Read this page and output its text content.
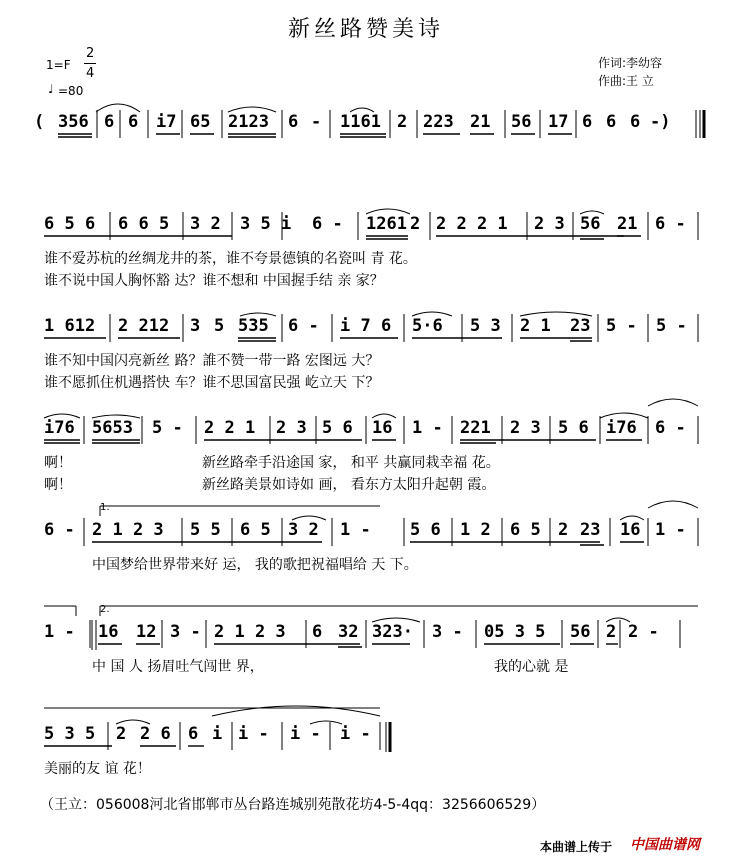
新丝路赞美诗
1=F
2
4
♩ =80
作词:李幼容
作曲:王 立
( 356 6 6 i7 65 2123 6 - 1161 2 223 21 56 17 6 6 6 -)
6 5 6 6 6 5 3 2 3 5 i 6 - 1261 2 2 2 2 1 2 3 56 21 6 -
谁不爱苏杭的丝绸龙井的茶，谁不夸景德镇的名瓷叫 青 花。
谁不说中国人胸怀豁 达？谁不想和 中国握手结 亲 家？
1 612 2 212 3 5 535 6 - i 7 6 5·6 5 3 2 1 23 5 - 5 -
谁不知中国闪亮新丝 路？誰不赞一带一路 宏图远 大？
谁不愿抓住机遇搭快 车？谁不思国富民强 屹立天 下？
i76 5653 5 - 2 2 1 2 3 5 6 16 1 - 221 2 3 5 6 i76 6 -
啊！	新丝路牵手沿途国 家， 和平 共赢同栽幸福 花。
啊！	新丝路美景如诗如 画， 看东方太阳升起朝 霞。
6 - 2 1 2 3 5 5 6 5 3 2 1 - 5 6 1 2 6 5 2 23 16 1 -
中国梦给世界带来好 运， 我的歌把祝福唱给 天 下。
1.
1 - 16 12 3 - 2 1 2 3 6 32 323· 3 - 05 3 5 56 2 2 -
中 国 人 扬眉吐气闯世 界，	我的心就 是
2.
5 3 5 2 2 6 6 i i - i - i -
美丽的友 谊 花！
（王立：056008河北省邯郸市丛台路连城别苑散花坊4-5-4qq：3256606529）
本曲谱上传于 中国曲谱网
